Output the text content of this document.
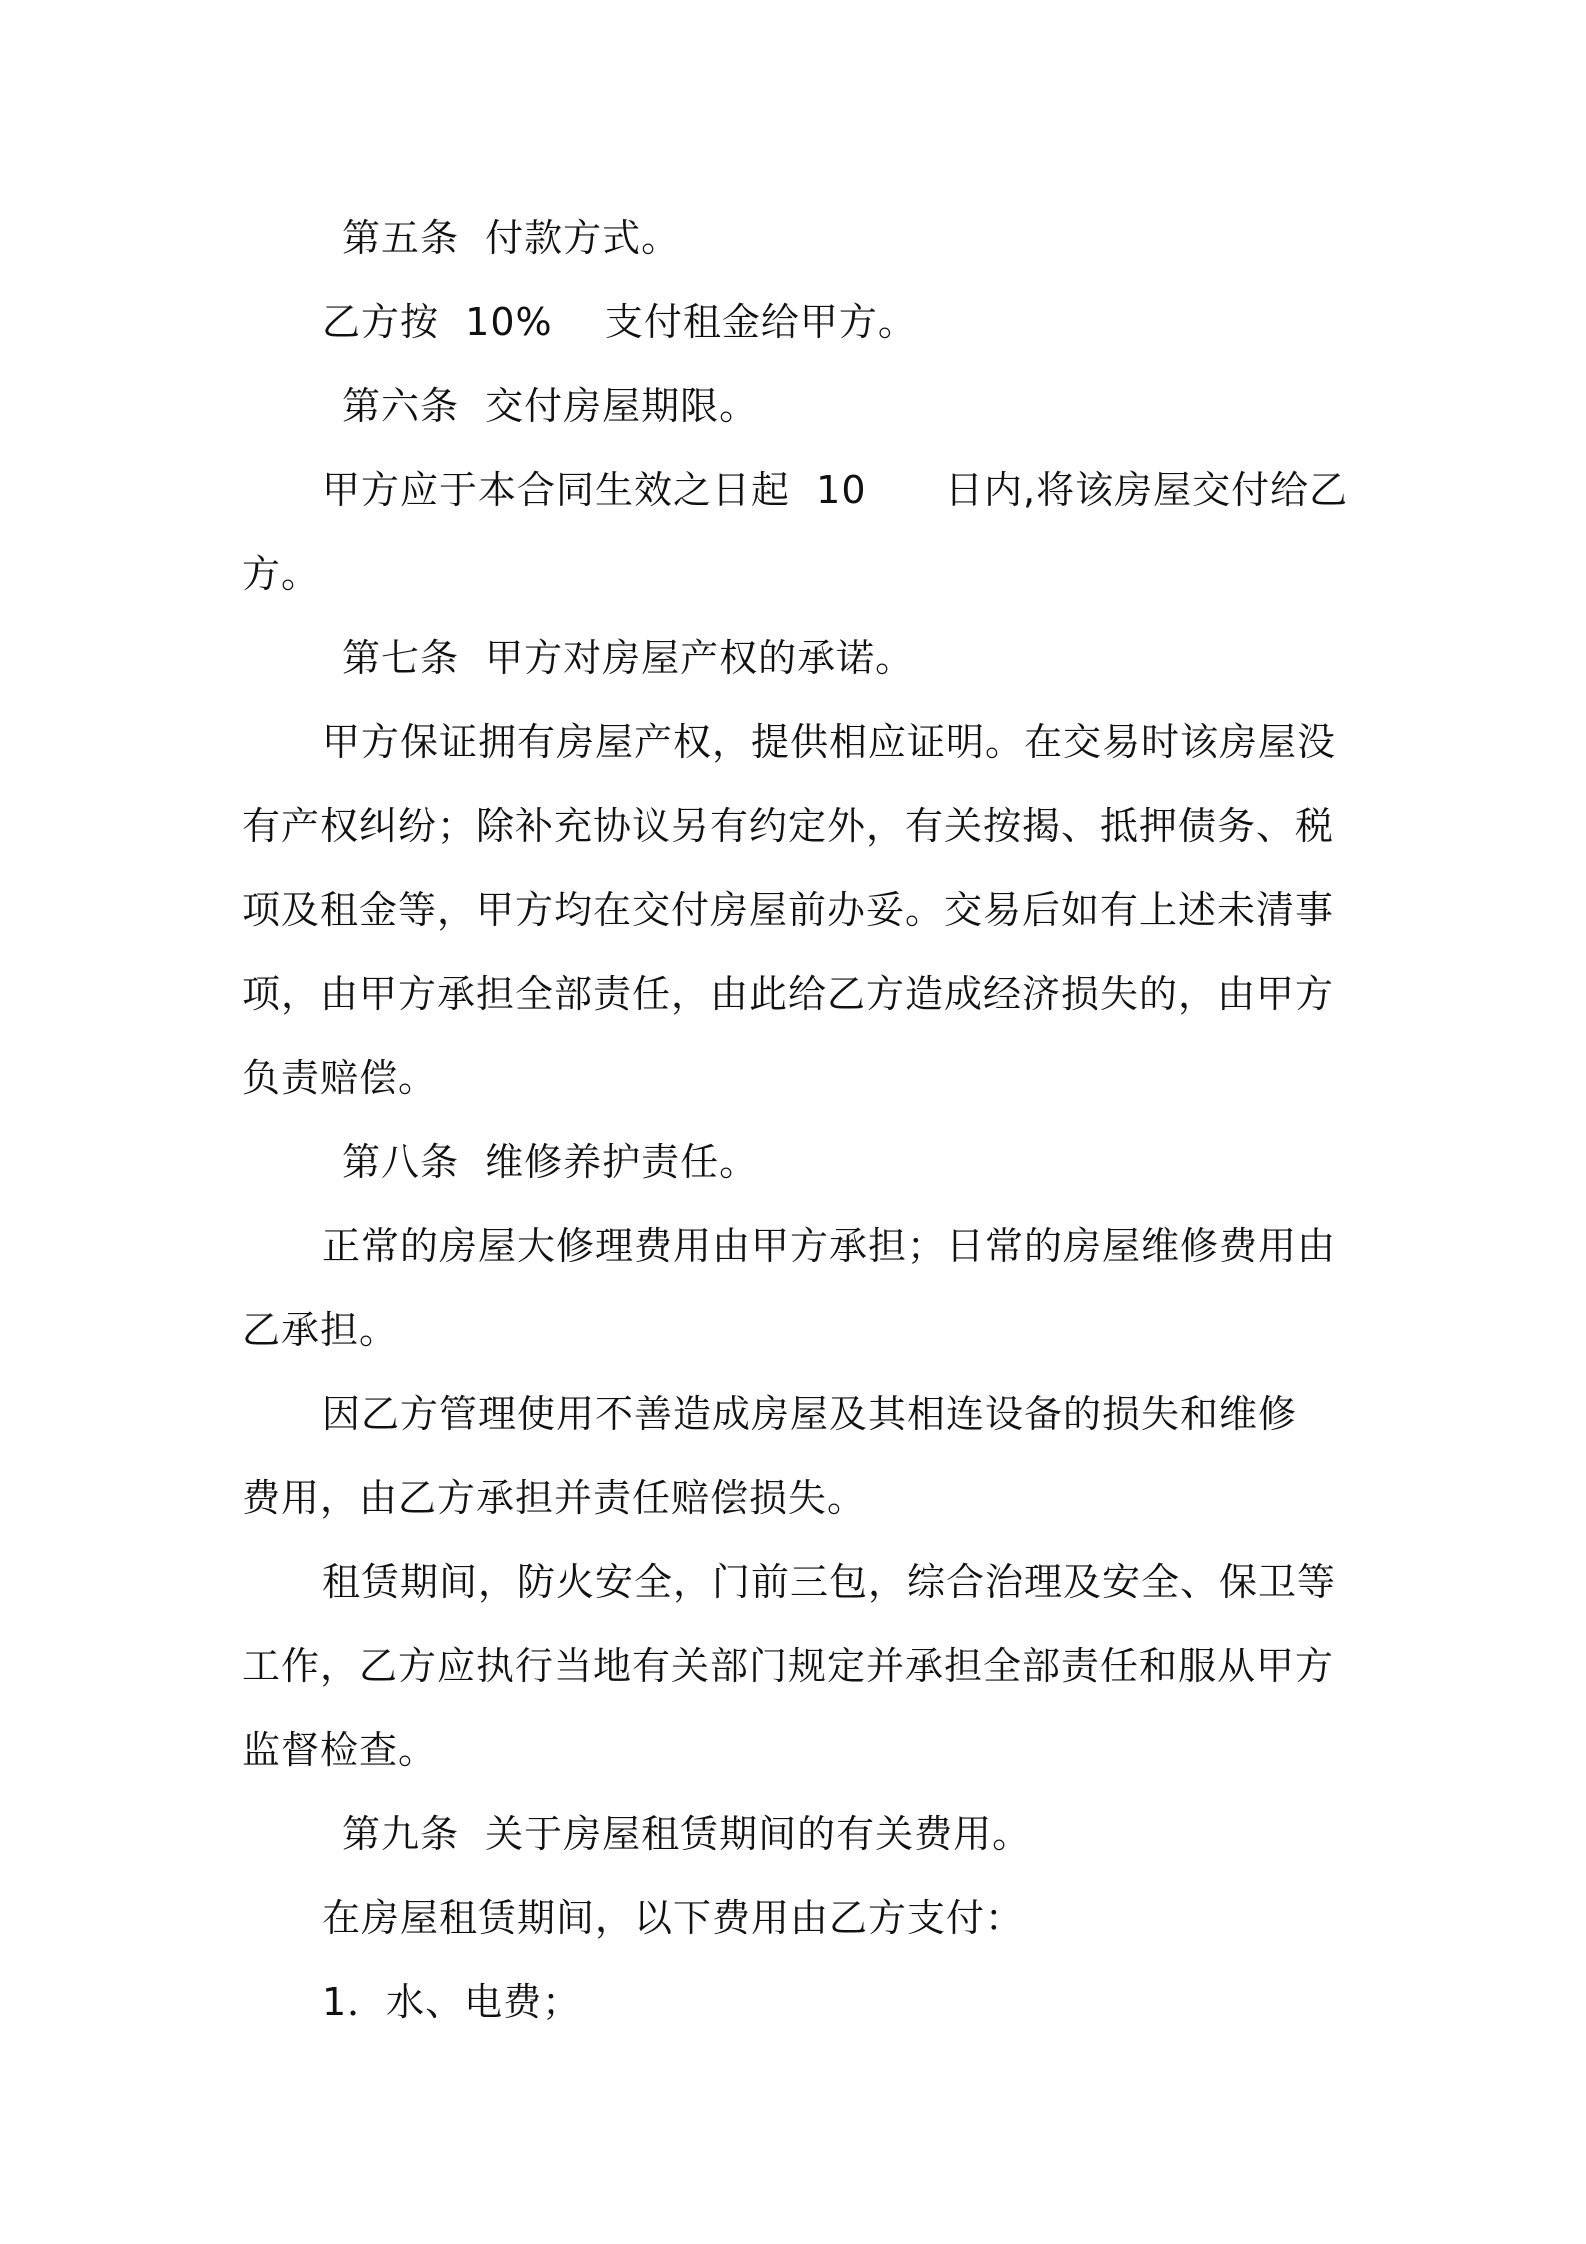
第五条  付款方式。
乙方按  10%    支付租金给甲方。
第六条  交付房屋期限。
甲方应于本合同生效之日起  10      日内,将该房屋交付给乙
方。
第七条  甲方对房屋产权的承诺。
甲方保证拥有房屋产权，提供相应证明。在交易时该房屋没
有产权纠纷；除补充协议另有约定外，有关按揭、抵押债务、税
项及租金等，甲方均在交付房屋前办妥。交易后如有上述未清事
项，由甲方承担全部责任，由此给乙方造成经济损失的，由甲方
负责赔偿。
第八条  维修养护责任。
正常的房屋大修理费用由甲方承担；日常的房屋维修费用由
乙承担。
因乙方管理使用不善造成房屋及其相连设备的损失和维修
费用，由乙方承担并责任赔偿损失。
租赁期间，防火安全，门前三包，综合治理及安全、保卫等
工作，乙方应执行当地有关部门规定并承担全部责任和服从甲方
监督检查。
第九条  关于房屋租赁期间的有关费用。
在房屋租赁期间，以下费用由乙方支付：
1．水、电费；
